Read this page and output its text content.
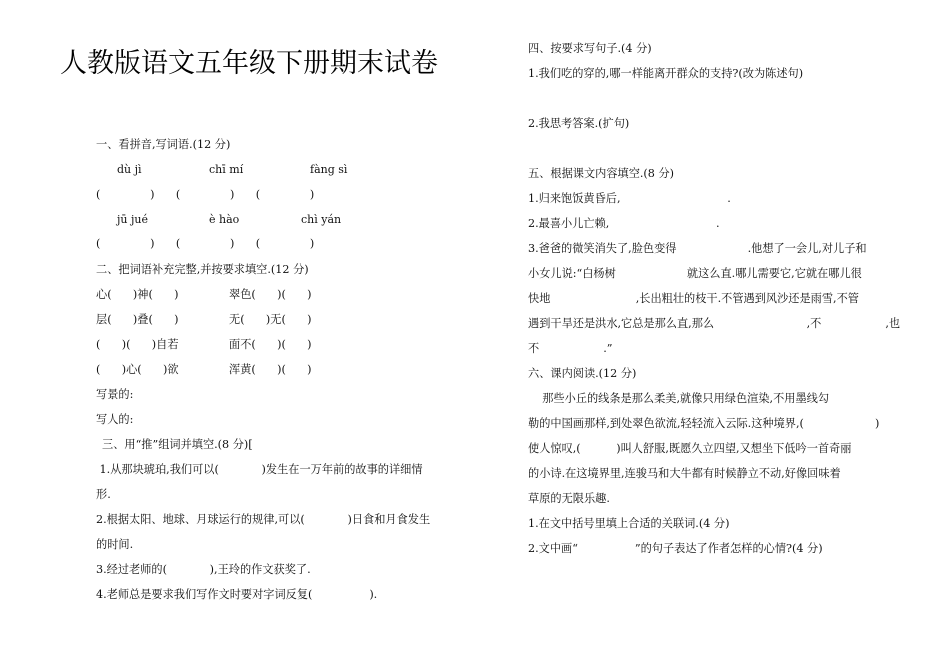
人教版语文五年级下册期末试卷
一、看拼音,写词语.(12 分)
dù jì	chī mí	fàng sì
(              )      (              )      (              )
jū jué	è hào	chì yán
(              )      (              )      (              )
二、把词语补充完整,并按要求填空.(12 分)
心(      )神(      )	翠色(      )(      )
层(      )叠(      )	无(      )无(      )
(      )(      )自若	面不(      )(      )
(      )心(      )欲	浑黄(      )(      )
写景的:
写人的:
三、用“推”组词并填空.(8 分)[
1.从那块琥珀,我们可以(            )发生在一万年前的故事的详细情
形.
2.根据太阳、地球、月球运行的规律,可以(            )日食和月食发生
的时间.
3.经过老师的(            ),王玲的作文获奖了.
4.老师总是要求我们写作文时要对字词反复(                ).
四、按要求写句子.(4 分)
1.我们吃的穿的,哪一样能离开群众的支持?(改为陈述句)
2.我思考答案.(扩句)
五、根据课文内容填空.(8 分)
1.归来饱饭黄昏后,                              .
2.最喜小儿亡赖,                              .
3.爸爸的微笑消失了,脸色变得                    .他想了一会儿,对儿子和
小女儿说:“白杨树                    就这么直.哪儿需要它,它就在哪儿很
快地                        ,长出粗壮的枝干.不管遇到风沙还是雨雪,不管
遇到干旱还是洪水,它总是那么直,那么                          ,不                  ,也
不                  .”
六、课内阅读.(12 分)
那些小丘的线条是那么柔美,就像只用绿色渲染,不用墨线勾
勒的中国画那样,到处翠色欲流,轻轻流入云际.这种境界,(                    )
使人惊叹,(          )叫人舒服,既愿久立四望,又想坐下低吟一首奇丽
的小诗.在这境界里,连骏马和大牛都有时候静立不动,好像回味着
草原的无限乐趣.
1.在文中括号里填上合适的关联词.(4 分)
2.文中画“                ”的句子表达了作者怎样的心情?(4 分)
